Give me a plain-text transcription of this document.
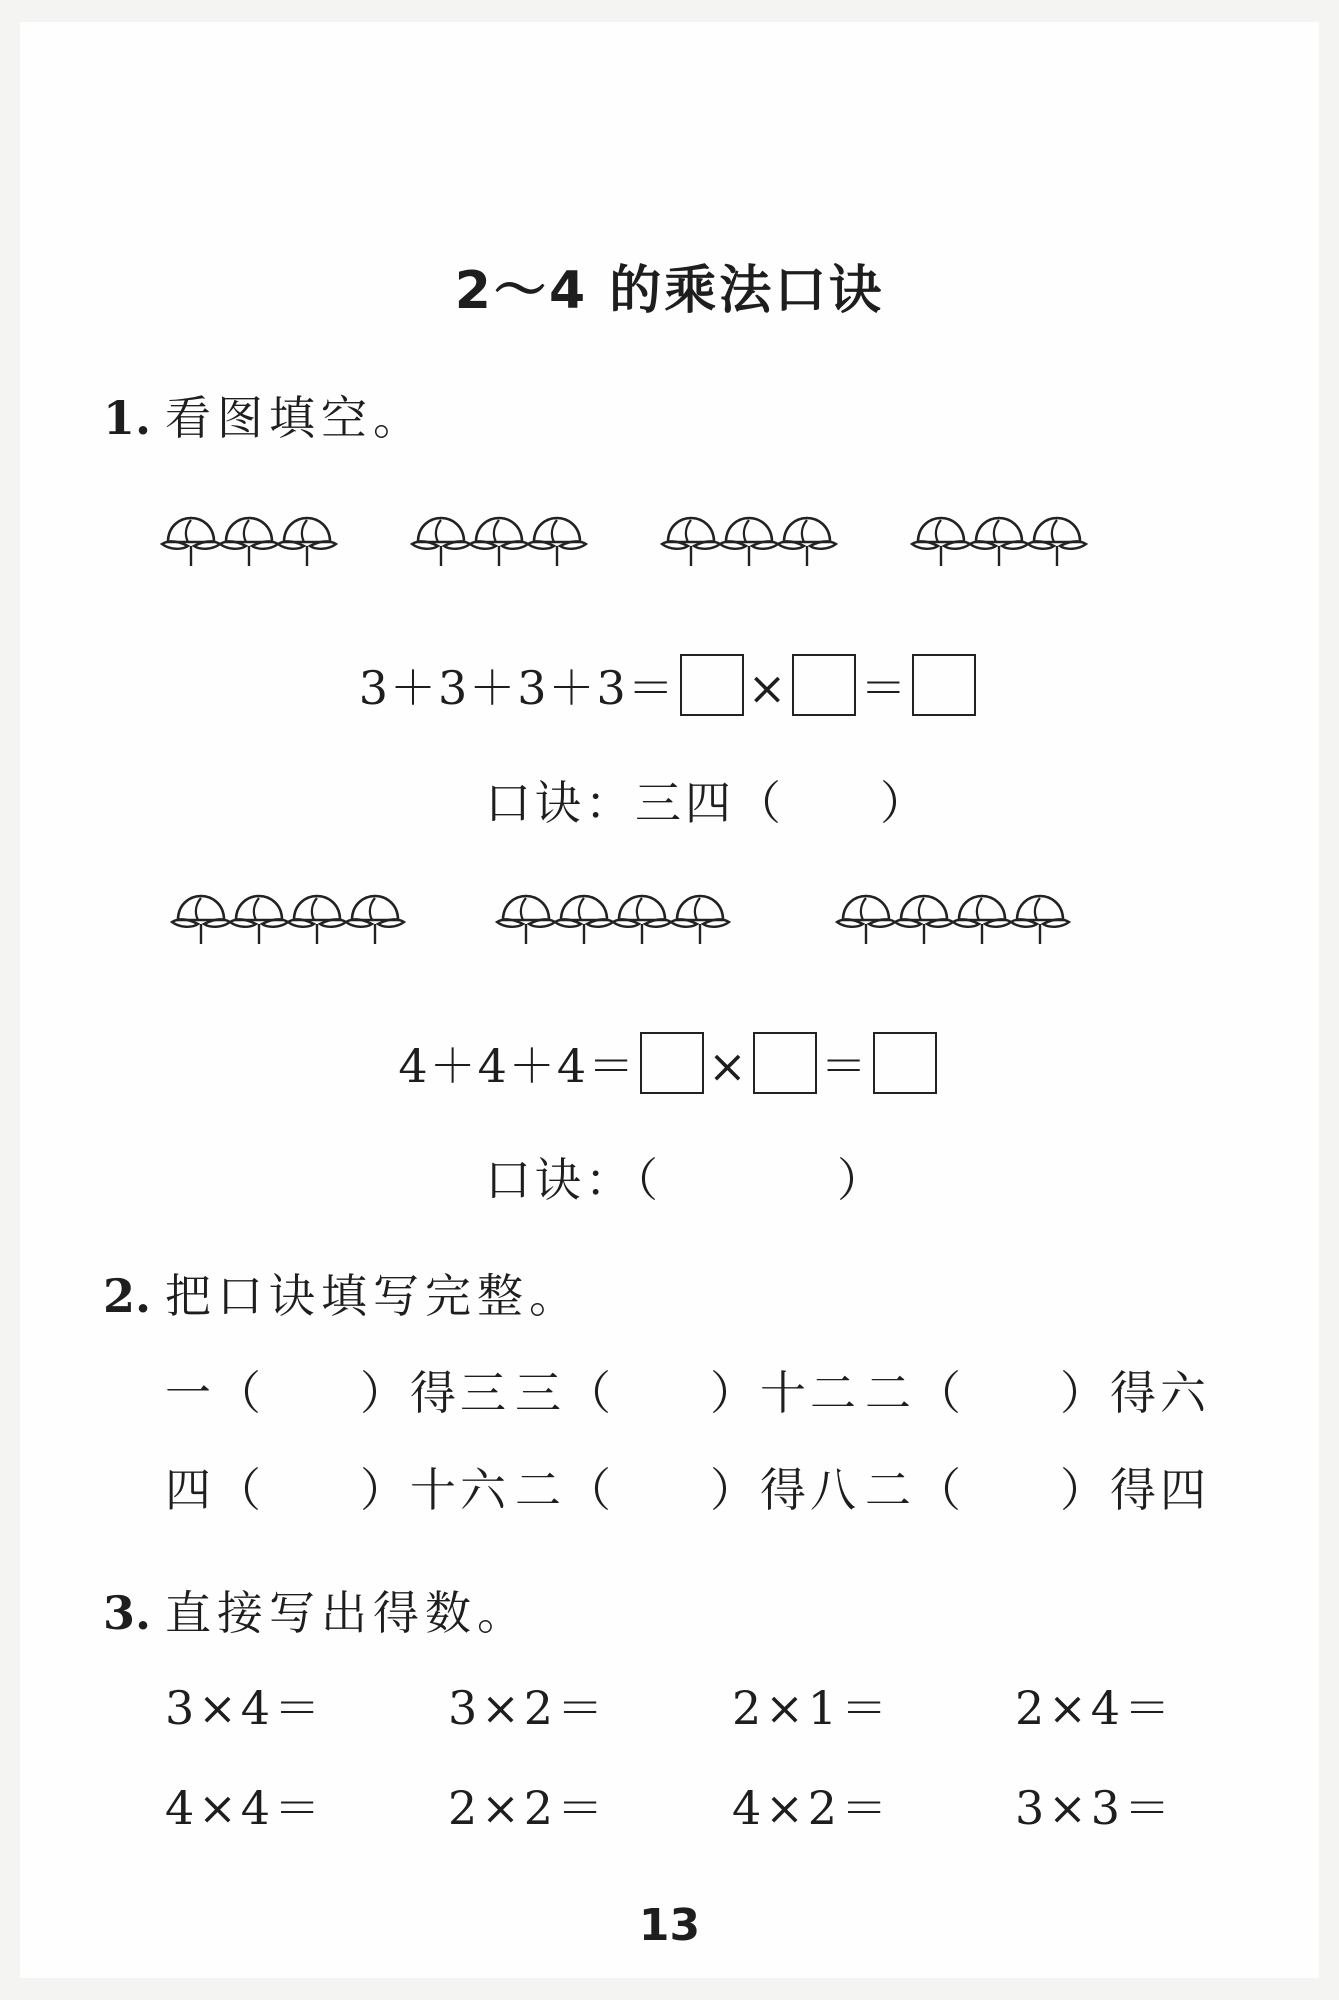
2～4 的乘法口诀
1. 看图填空。
3＋3＋3＋3＝ × ＝
口诀：三四（ ）
4＋4＋4＝ × ＝
口诀：（	）
2. 把口诀填写完整。
一（ ）得三 三（ ）十二 二（ ）得六
四（ ）十六 二（ ）得八 二（ ）得四
3. 直接写出得数。
3×4＝	3×2＝	2×1＝	2×4＝
4×4＝	2×2＝	4×2＝	3×3＝
13
